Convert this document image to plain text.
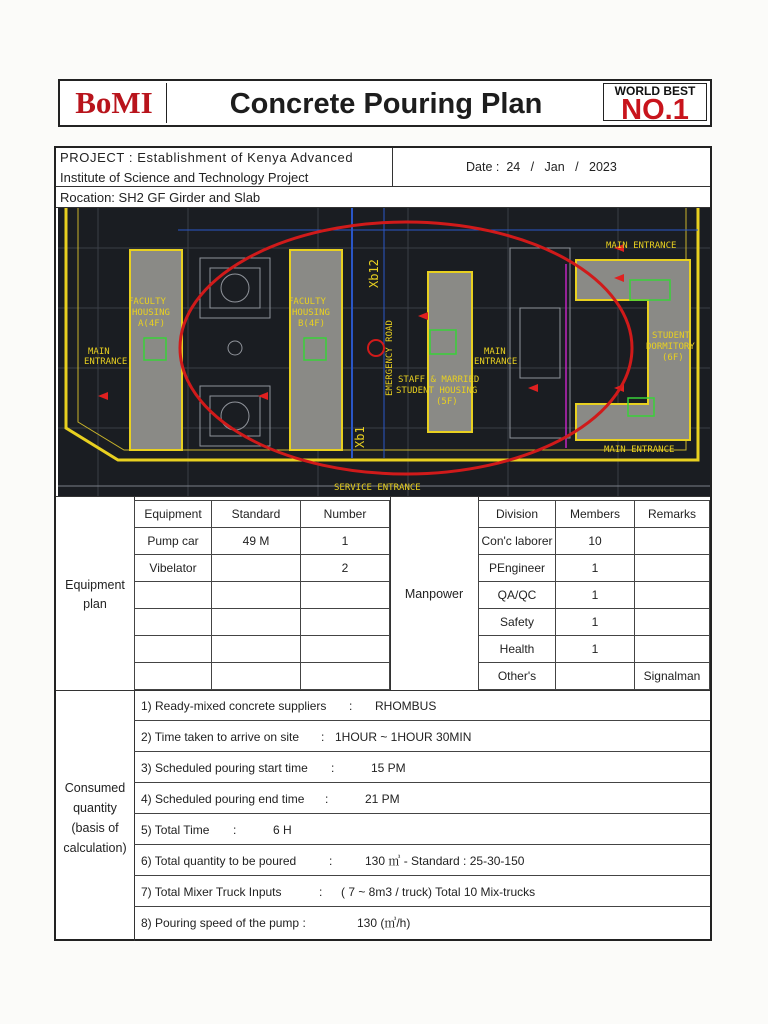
BoMI	Concrete Pouring Plan	WORLD BEST
NO.1
PROJECT : Establishment of Kenya Advanced
Institute of Science and Technology Project
Date : 24 / Jan / 2023
Rocation: SH2 GF Girder and Slab
FACULTY HOUSING A(4F)
FACULTY HOUSING B(4F)
STAFF & MARRIED STUDENT HOUSING (5F)
STUDENT DORMITORY (6F)
MAIN ENTRANCE
MAIN ENTRANCE
MAIN ENTRANCE
MAIN ENTRANCE
SERVICE ENTRANCE
EMERGENCY ROAD
Xb12
Xb1
Equipment
plan
Equipment	Standard	Number
Pump car	49 M	1
Vibelator		2

Manpower
Division	Members	Remarks
Con'c laborer	10	
PEngineer	1	
QA/QC	1	
Safety	1	
Health	1	
Other's		Signalman
Consumed
quantity
(basis of
calculation)
1) Ready-mixed concrete suppliers : RHOMBUS
2) Time taken to arrive on site : 1HOUR ~ 1HOUR 30MIN
3) Scheduled pouring start time :	15 PM
4) Scheduled pouring end time :	21 PM
5) Total Time :	6 H
6) Total quantity to be poured	:	130 ㎥ - Standard : 25-30-150
7) Total Mixer Truck Inputs	: ( 7 ~ 8m3 / truck) Total 10 Mix-trucks
8) Pouring speed of the pump :	130 (㎥/h)
